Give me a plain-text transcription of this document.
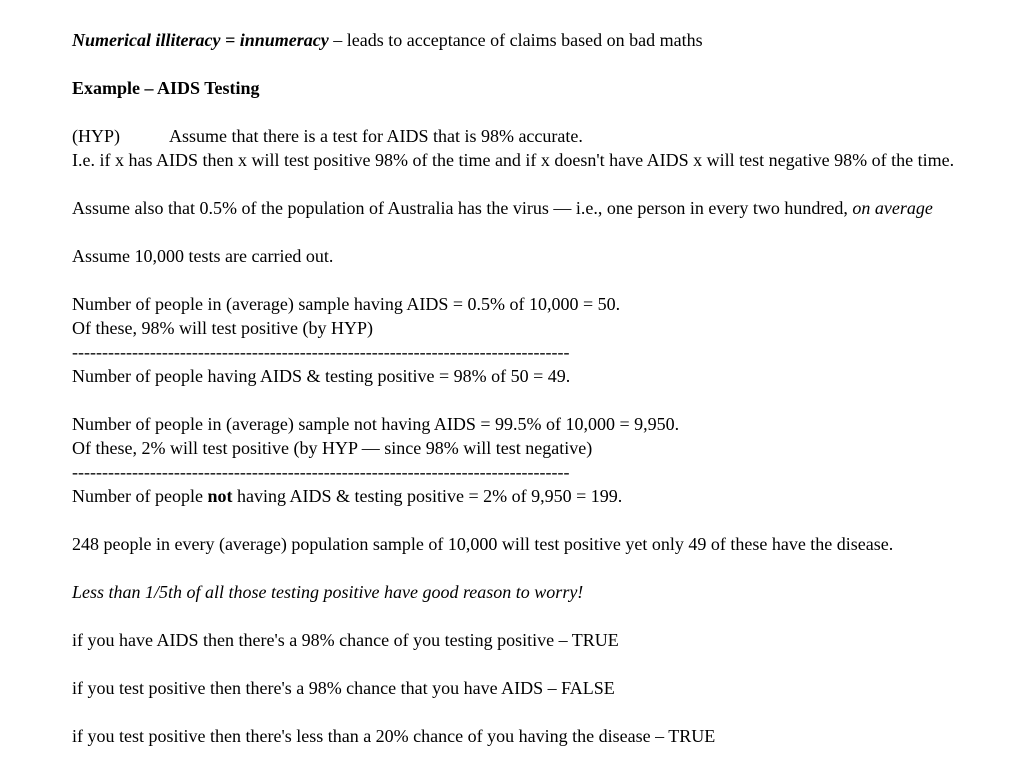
Numerical illiteracy = innumeracy – leads to acceptance of claims based on bad maths
Example – AIDS Testing
(HYP)	Assume that there is a test for AIDS that is 98% accurate.
I.e. if x has AIDS then x will test positive 98% of the time and if x doesn't have AIDS x will test negative 98% of the time.
Assume also that 0.5% of the population of Australia has the virus — i.e., one person in every two hundred, on average
Assume 10,000 tests are carried out.
Number of people in (average) sample having AIDS = 0.5% of 10,000 = 50.
Of these, 98% will test positive (by HYP)
-----------------------------------------------------------------------------------
Number of people having AIDS & testing positive = 98% of 50 = 49.
Number of people in (average) sample not having AIDS = 99.5% of 10,000 = 9,950.
Of these, 2% will test positive (by HYP — since 98% will test negative)
-----------------------------------------------------------------------------------
Number of people not having AIDS & testing positive = 2% of 9,950 = 199.
248 people in every (average) population sample of 10,000 will test positive yet only 49 of these have the disease.
Less than 1/5th of all those testing positive have good reason to worry!
if you have AIDS then there's a 98% chance of you testing positive – TRUE
if you test positive then there's a 98% chance that you have AIDS – FALSE
if you test positive then there's less than a 20% chance of you having the disease – TRUE
